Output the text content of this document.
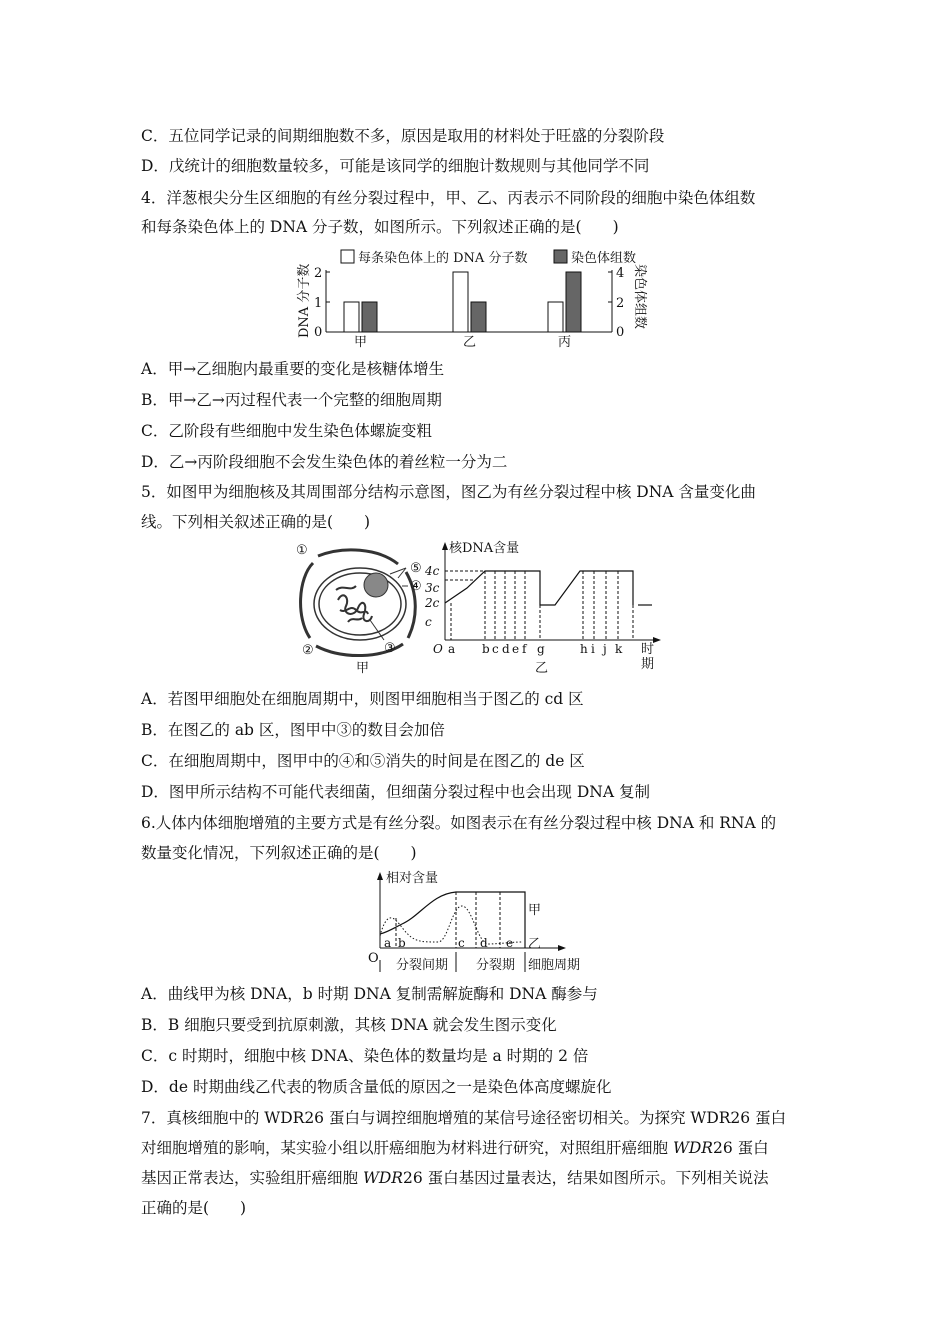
C．五位同学记录的间期细胞数不多，原因是取用的材料处于旺盛的分裂阶段
D．戊统计的细胞数量较多，可能是该同学的细胞计数规则与其他同学不同
4．洋葱根尖分生区细胞的有丝分裂过程中，甲、乙、丙表示不同阶段的细胞中染色体组数
和每条染色体上的 DNA 分子数，如图所示。下列叙述正确的是(　　)
每条染色体上的 DNA 分子数	染色体组数
2
1
0
4
2
0
DNA 分子数	染色体组数
甲	乙	丙
A．甲→乙细胞内最重要的变化是核糖体增生
B．甲→乙→丙过程代表一个完整的细胞周期
C．乙阶段有些细胞中发生染色体螺旋变粗
D．乙→丙阶段细胞不会发生染色体的着丝粒一分为二
5．如图甲为细胞核及其周围部分结构示意图，图乙为有丝分裂过程中核 DNA 含量变化曲
线。下列相关叙述正确的是(　　)
①
②	③
④
⑤
甲
核DNA含量
4c
3c
2c
c
O a b c d e f g	h i j k 时
乙	期
A．若图甲细胞处在细胞周期中，则图甲细胞相当于图乙的 cd 区
B．在图乙的 ab 区，图甲中③的数目会加倍
C．在细胞周期中，图甲中的④和⑤消失的时间是在图乙的 de 区
D．图甲所示结构不可能代表细菌，但细菌分裂过程中也会出现 DNA 复制
6.人体内体细胞增殖的主要方式是有丝分裂。如图表示在有丝分裂过程中核 DNA 和 RNA 的
数量变化情况，下列叙述正确的是(　　)
相对含量
O
甲
乙
a b	c d e
分裂间期 分裂期 细胞周期
A．曲线甲为核 DNA，b 时期 DNA 复制需解旋酶和 DNA 酶参与
B．B 细胞只要受到抗原刺激，其核 DNA 就会发生图示变化
C．c 时期时，细胞中核 DNA、染色体的数量均是 a 时期的 2 倍
D．de 时期曲线乙代表的物质含量低的原因之一是染色体高度螺旋化
7．真核细胞中的 WDR26 蛋白与调控细胞增殖的某信号途径密切相关。为探究 WDR26 蛋白
对细胞增殖的影响，某实验小组以肝癌细胞为材料进行研究，对照组肝癌细胞 WDR26 蛋白
基因正常表达，实验组肝癌细胞 WDR26 蛋白基因过量表达，结果如图所示。下列相关说法
正确的是(　　)
